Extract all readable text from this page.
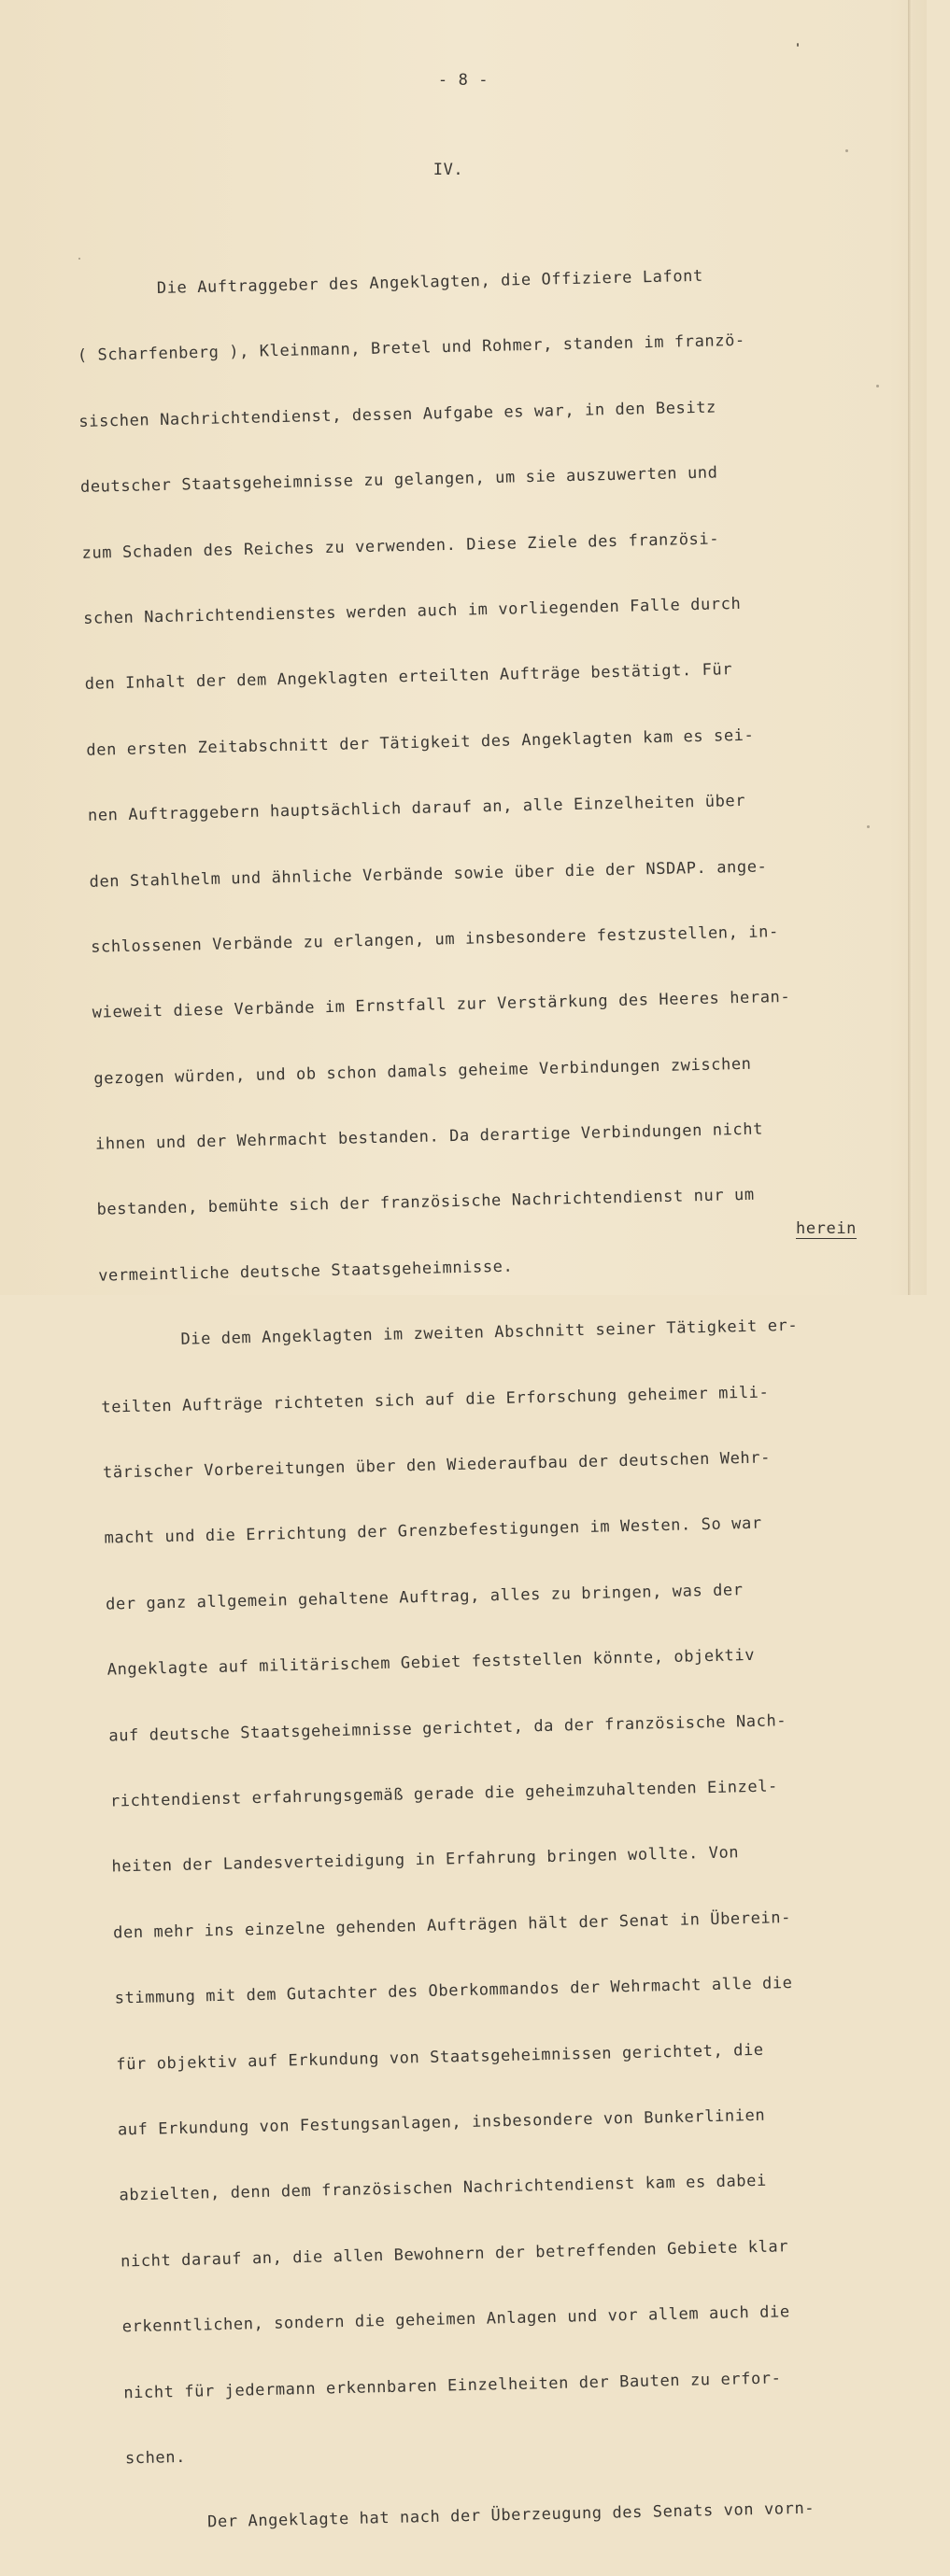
- 8 -
IV.

Die Auftraggeber des Angeklagten, die Offiziere Lafont

( Scharfenberg ), Kleinmann, Bretel und Rohmer, standen im franzö-

sischen Nachrichtendienst, dessen Aufgabe es war, in den Besitz

deutscher Staatsgeheimnisse zu gelangen, um sie auszuwerten und

zum Schaden des Reiches zu verwenden. Diese Ziele des französi-

schen Nachrichtendienstes werden auch im vorliegenden Falle durch

den Inhalt der dem Angeklagten erteilten Aufträge bestätigt. Für

den ersten Zeitabschnitt der Tätigkeit des Angeklagten kam es sei-

nen Auftraggebern hauptsächlich darauf an, alle Einzelheiten über

den Stahlhelm und ähnliche Verbände sowie über die der NSDAP. ange-

schlossenen Verbände zu erlangen, um insbesondere festzustellen, in-

wieweit diese Verbände im Ernstfall zur Verstärkung des Heeres heran-

gezogen würden, und ob schon damals geheime Verbindungen zwischen

ihnen und der Wehrmacht bestanden. Da derartige Verbindungen nicht

bestanden, bemühte sich der französische Nachrichtendienst nur um

vermeintliche deutsche Staatsgeheimnisse.

Die dem Angeklagten im zweiten Abschnitt seiner Tätigkeit er-

teilten Aufträge richteten sich auf die Erforschung geheimer mili-

tärischer Vorbereitungen über den Wiederaufbau der deutschen Wehr-

macht und die Errichtung der Grenzbefestigungen im Westen. So war

der ganz allgemein gehaltene Auftrag, alles zu bringen, was der

Angeklagte auf militärischem Gebiet feststellen könnte, objektiv

auf deutsche Staatsgeheimnisse gerichtet, da der französische Nach-

richtendienst erfahrungsgemäß gerade die geheimzuhaltenden Einzel-

heiten der Landesverteidigung in Erfahrung bringen wollte. Von

den mehr ins einzelne gehenden Aufträgen hält der Senat in Überein-

stimmung mit dem Gutachter des Oberkommandos der Wehrmacht alle die

für objektiv auf Erkundung von Staatsgeheimnissen gerichtet, die

auf Erkundung von Festungsanlagen, insbesondere von Bunkerlinien

abzielten, denn dem französischen Nachrichtendienst kam es dabei

nicht darauf an, die allen Bewohnern der betreffenden Gebiete klar

erkenntlichen, sondern die geheimen Anlagen und vor allem auch die

nicht für jedermann erkennbaren Einzelheiten der Bauten zu erfor-

schen.

Der Angeklagte hat nach der Überzeugung des Senats von vorn-

herein
